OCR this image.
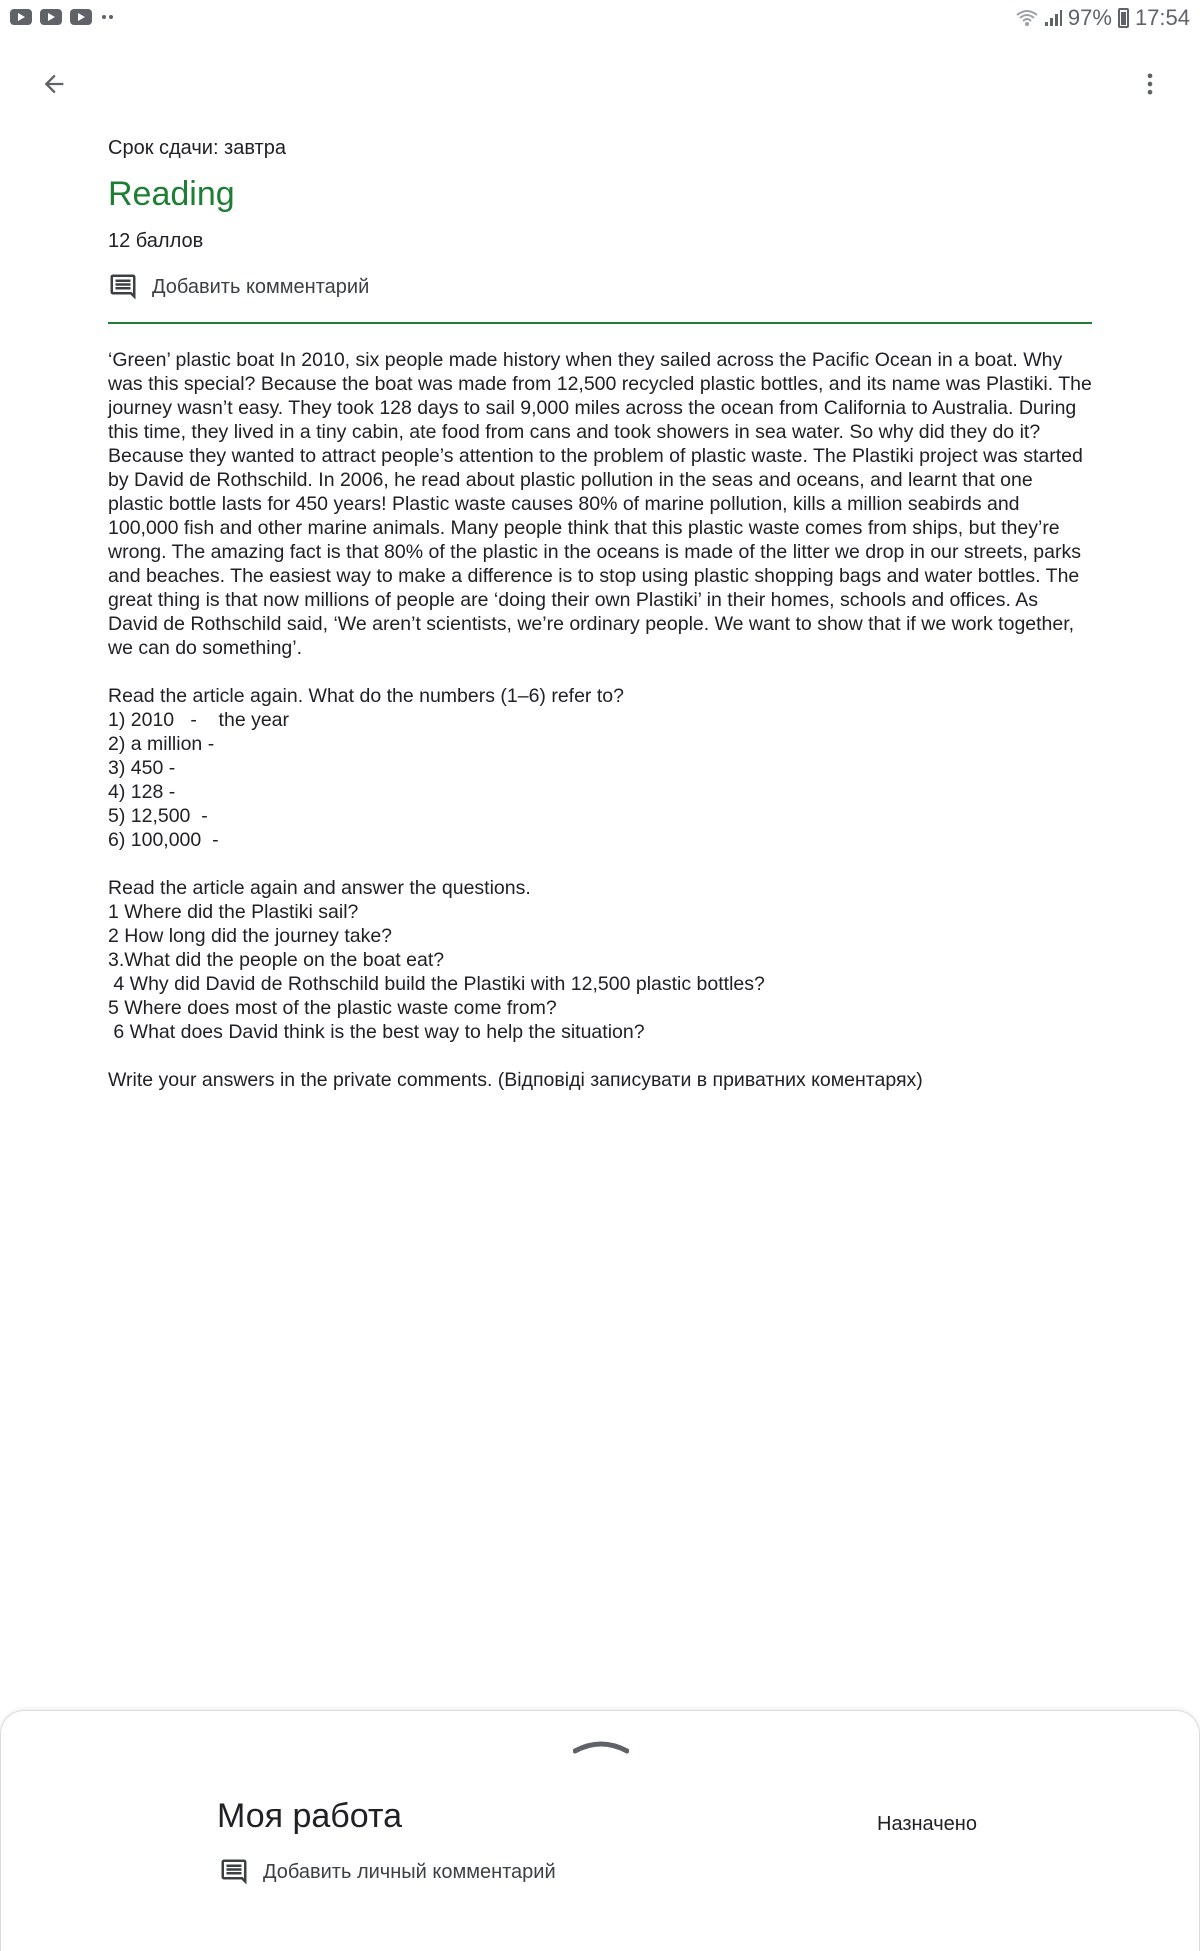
97% 17:54
Срок сдачи: завтра
Reading
12 баллов
Добавить комментарий

‘Green’ plastic boat In 2010, six people made history when they sailed across the Pacific Ocean in a boat. Why was this special? Because the boat was made from 12,500 recycled plastic bottles, and its name was Plastiki. The journey wasn’t easy. They took 128 days to sail 9,000 miles across the ocean from California to Australia. During this time, they lived in a tiny cabin, ate food from cans and took showers in sea water. So why did they do it? Because they wanted to attract people’s attention to the problem of plastic waste. The Plastiki project was started by David de Rothschild. In 2006, he read about plastic pollution in the seas and oceans, and learnt that one plastic bottle lasts for 450 years! Plastic waste causes 80% of marine pollution, kills a million seabirds and 100,000 fish and other marine animals. Many people think that this plastic waste comes from ships, but they’re wrong. The amazing fact is that 80% of the plastic in the oceans is made of the litter we drop in our streets, parks and beaches. The easiest way to make a difference is to stop using plastic shopping bags and water bottles. The great thing is that now millions of people are ‘doing their own Plastiki’ in their homes, schools and offices. As David de Rothschild said, ‘We aren’t scientists, we’re ordinary people. We want to show that if we work together, we can do something’.

Read the article again. What do the numbers (1–6) refer to?
1) 2010   -    the year
2) a million -
3) 450 -
4) 128 -
5) 12,500  -
6) 100,000  -
Read the article again and answer the questions.
1 Where did the Plastiki sail?
2 How long did the journey take?
3.What did the people on the boat eat?
4 Why did David de Rothschild build the Plastiki with 12,500 plastic bottles?
5 Where does most of the plastic waste come from?
6 What does David think is the best way to help the situation?
Write your answers in the private comments. (Відповіді записувати в приватних коментарях)
Моя работа	Назначено
Добавить личный комментарий
